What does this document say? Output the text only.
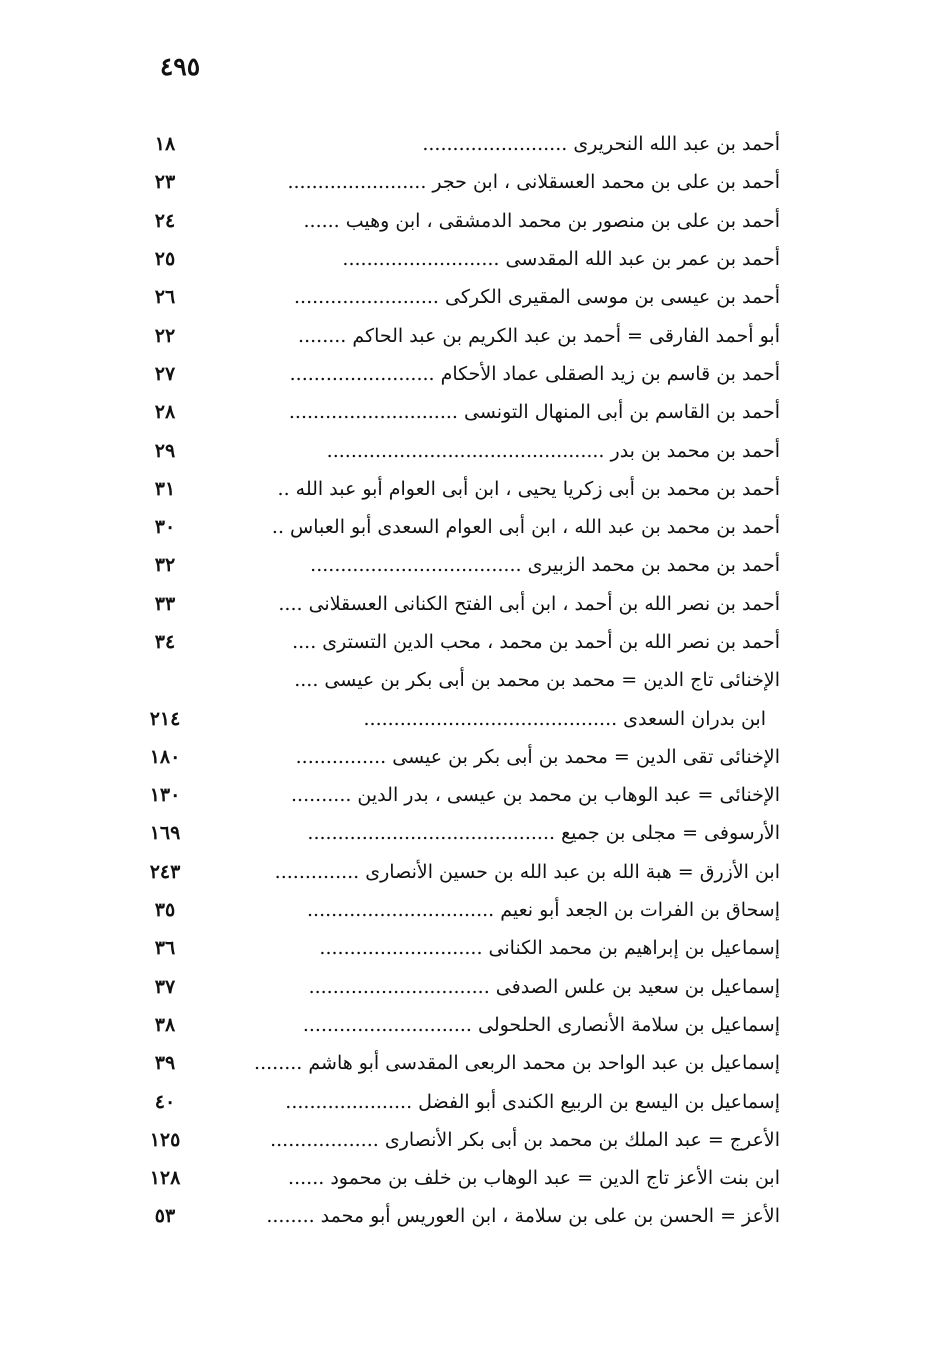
٤٩٥
أحمد بن عبد الله النحريرى ........................
١٨
أحمد بن على بن محمد العسقلانى ، ابن حجر .......................
٢٣
أحمد بن على بن منصور بن محمد الدمشقى ، ابن وهيب ......
٢٤
أحمد بن عمر بن عبد الله المقدسى ..........................
٢٥
أحمد بن عيسى بن موسى المقيرى الكركى ........................
٢٦
أبو أحمد الفارقى = أحمد بن عبد الكريم بن عبد الحاكم ........
٢٢
أحمد بن قاسم بن زيد الصقلى عماد الأحكام ........................
٢٧
أحمد بن القاسم بن أبى المنهال التونسى ............................
٢٨
أحمد بن محمد بن بدر ..............................................
٢٩
أحمد بن محمد بن أبى زكريا يحيى ، ابن أبى العوام أبو عبد الله ..
٣١
أحمد بن محمد بن عبد الله ، ابن أبى العوام السعدى أبو العباس ..
٣٠
أحمد بن محمد بن محمد الزبيرى ...................................
٣٢
أحمد بن نصر الله بن أحمد ، ابن أبى الفتح الكنانى العسقلانى ....
٣٣
أحمد بن نصر الله بن أحمد بن محمد ، محب الدين التسترى ....
٣٤
الإخنائى تاج الدين = محمد بن محمد بن أبى بكر بن عيسى ....
ابن بدران السعدى ..........................................
٢١٤
الإخنائى تقى الدين = محمد بن أبى بكر بن عيسى ...............
١٨٠
الإخنائى = عبد الوهاب بن محمد بن عيسى ، بدر الدين ..........
١٣٠
الأرسوفى = مجلى بن جميع .........................................
١٦٩
ابن الأزرق = هبة الله بن عبد الله بن حسين الأنصارى ..............
٢٤٣
إسحاق بن الفرات بن الجعد أبو نعيم ...............................
٣٥
إسماعيل بن إبراهيم بن محمد الكنانى ...........................
٣٦
إسماعيل بن سعيد بن علس الصدفى ..............................
٣٧
إسماعيل بن سلامة الأنصارى الحلحولى ............................
٣٨
إسماعيل بن عبد الواحد بن محمد الربعى المقدسى أبو هاشم ........
٣٩
إسماعيل بن اليسع بن الربيع الكندى أبو الفضل .....................
٤٠
الأعرج = عبد الملك بن محمد بن أبى بكر الأنصارى ..................
١٢٥
ابن بنت الأعز تاج الدين = عبد الوهاب بن خلف بن محمود ......
١٢٨
الأعز = الحسن بن على بن سلامة ، ابن العوريس أبو محمد ........
٥٣
